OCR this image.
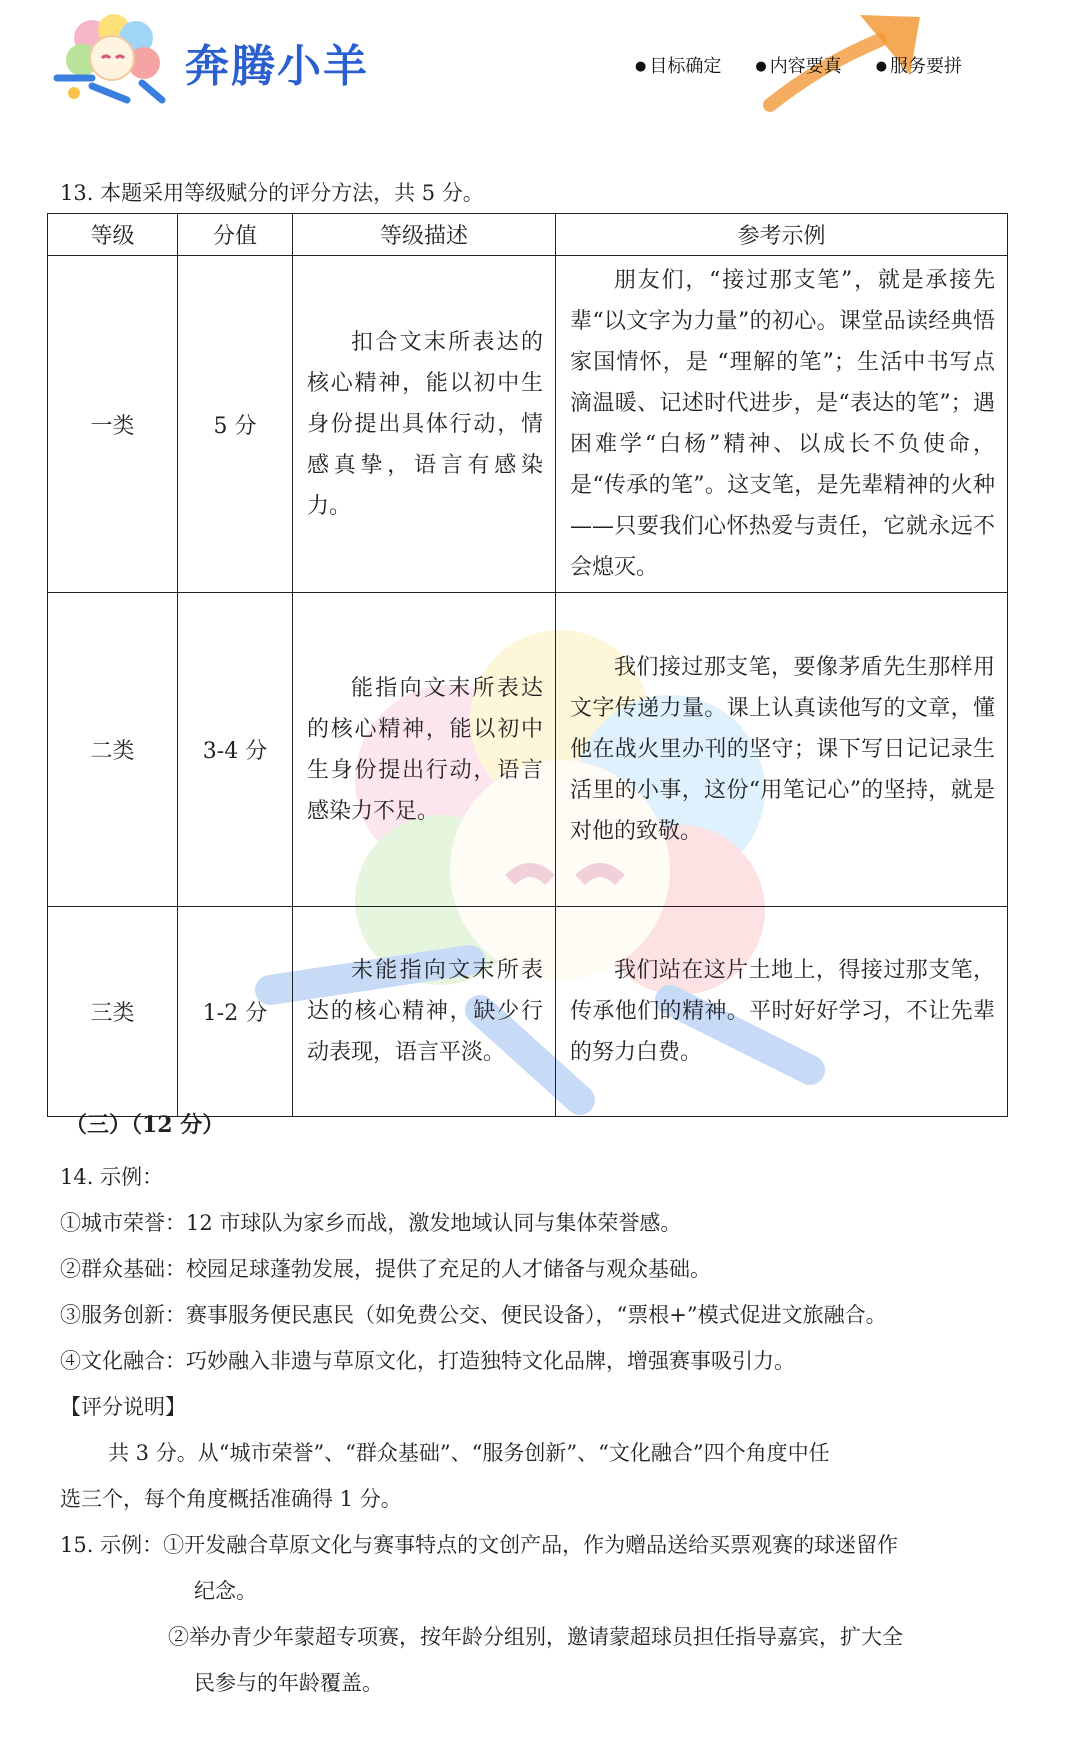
奔腾小羊	● 目标确定	● 内容要真	● 服务要拼
13. 本题采用等级赋分的评分方法，共 5 分。
等级	分值	等级描述	参考示例
一类	5 分	扣合文末所表达的核心精神，能以初中生身份提出具体行动，情感真挚，语言有感染力。	朋友们，“接过那支笔”，就是承接先辈“以文字为力量”的初心。课堂品读经典悟家国情怀，是 “理解的笔”；生活中书写点滴温暖、记述时代进步，是“表达的笔”；遇困难学“白杨”精神、以成长不负使命，是“传承的笔”。这支笔，是先辈精神的火种——只要我们心怀热爱与责任，它就永远不会熄灭。
二类	3-4 分	能指向文末所表达的核心精神，能以初中生身份提出行动，语言感染力不足。	我们接过那支笔，要像茅盾先生那样用文字传递力量。课上认真读他写的文章，懂他在战火里办刊的坚守；课下写日记记录生活里的小事，这份“用笔记心”的坚持，就是对他的致敬。
三类	1-2 分	未能指向文末所表达的核心精神，缺少行动表现，语言平淡。	我们站在这片土地上，得接过那支笔，传承他们的精神。平时好好学习，不让先辈的努力白费。
（三）（12 分）
14. 示例：
①城市荣誉：12 市球队为家乡而战，激发地域认同与集体荣誉感。
②群众基础：校园足球蓬勃发展，提供了充足的人才储备与观众基础。
③服务创新：赛事服务便民惠民（如免费公交、便民设备），“票根+”模式促进文旅融合。
④文化融合：巧妙融入非遗与草原文化，打造独特文化品牌，增强赛事吸引力。
【评分说明】
共 3 分。从“城市荣誉”、“群众基础”、“服务创新”、“文化融合”四个角度中任
选三个，每个角度概括准确得 1 分。
15. 示例：①开发融合草原文化与赛事特点的文创产品，作为赠品送给买票观赛的球迷留作
纪念。
②举办青少年蒙超专项赛，按年龄分组别，邀请蒙超球员担任指导嘉宾，扩大全
民参与的年龄覆盖。
